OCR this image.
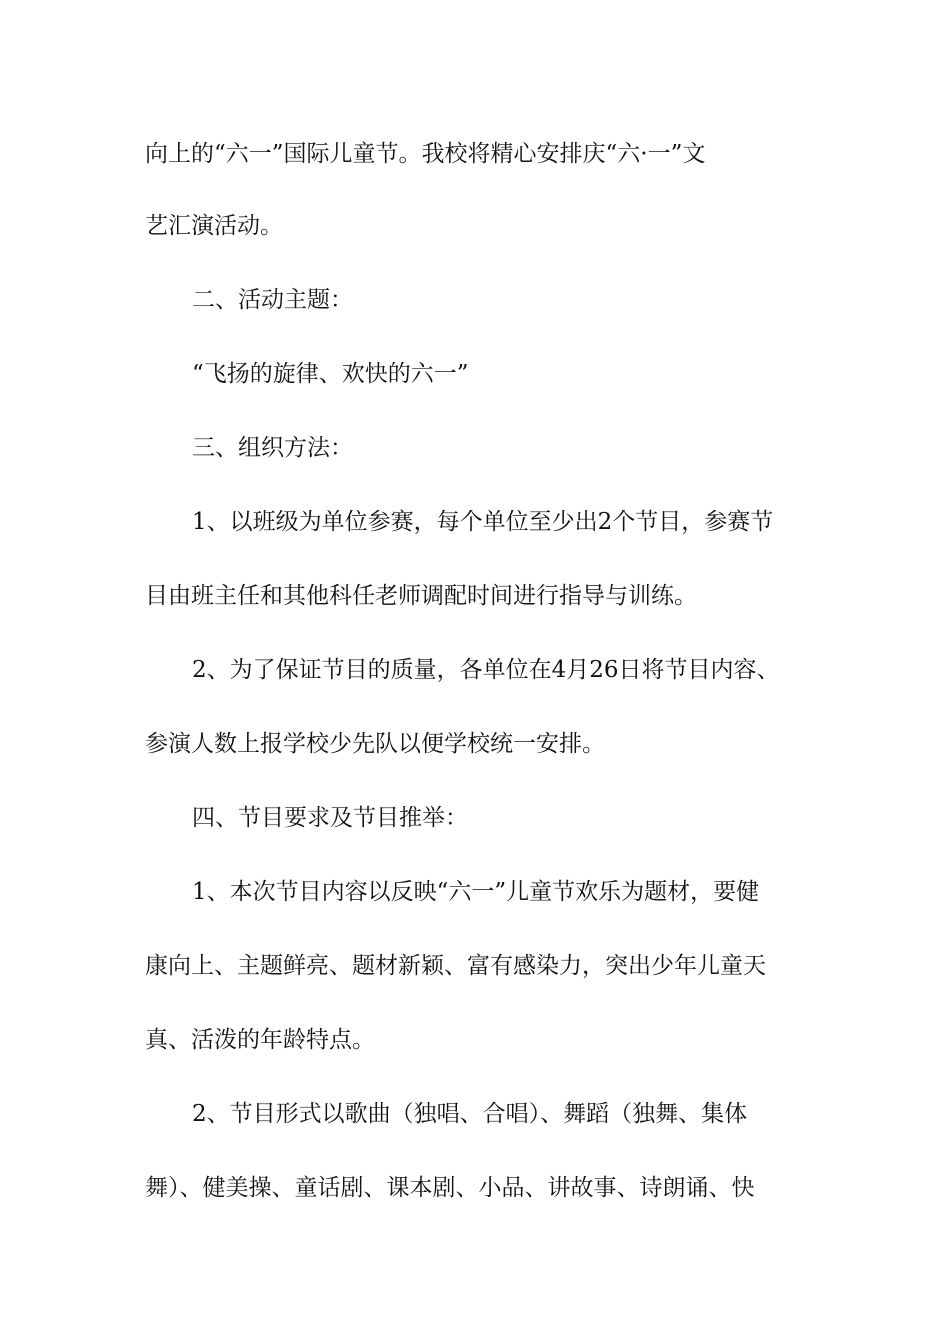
向上的“六一”国际儿童节。我校将精心安排庆“六·一”文
艺汇演活动。
二、活动主题：
“飞扬的旋律、欢快的六一”
三、组织方法：
1、以班级为单位参赛，每个单位至少出2个节目，参赛节
目由班主任和其他科任老师调配时间进行指导与训练。
2、为了保证节目的质量，各单位在4月26日将节目内容、
参演人数上报学校少先队以便学校统一安排。
四、节目要求及节目推举：
1、本次节目内容以反映“六一”儿童节欢乐为题材，要健
康向上、主题鲜亮、题材新颖、富有感染力，突出少年儿童天
真、活泼的年龄特点。
2、节目形式以歌曲（独唱、合唱）、舞蹈（独舞、集体
舞）、健美操、童话剧、课本剧、小品、讲故事、诗朗诵、快
